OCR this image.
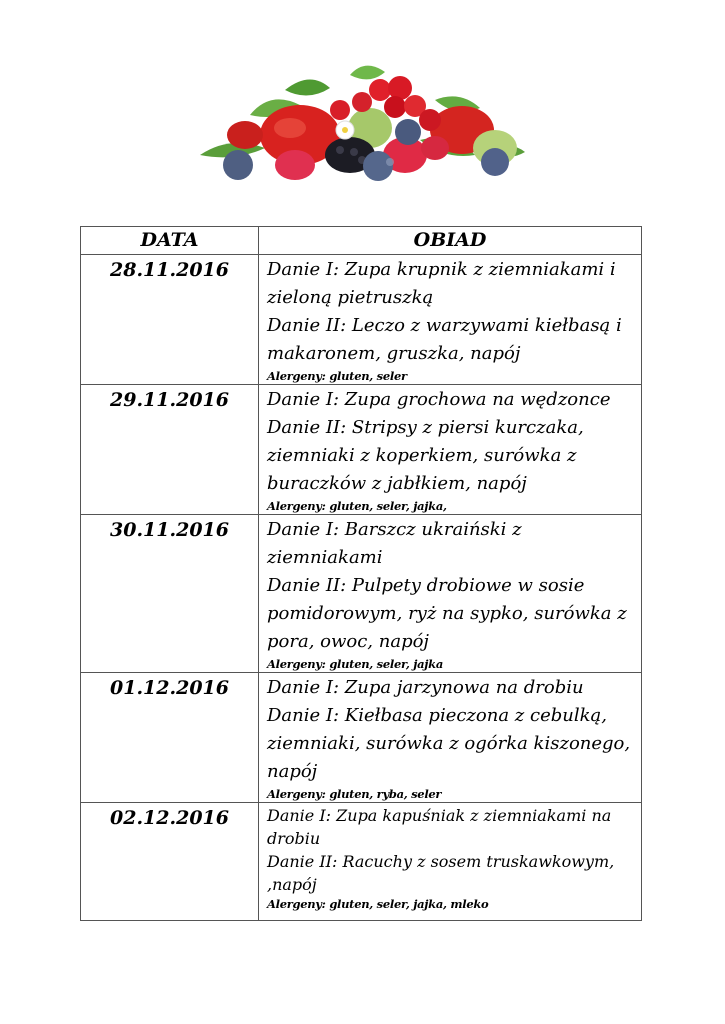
DATA	OBIAD
28.11.2016	Danie I: Zupa krupnik z ziemniakami i zieloną pietruszką
Danie II: Leczo z warzywami kiełbasą i makaronem, gruszka, napój
Alergeny: gluten, seler

29.11.2016	Danie I: Zupa grochowa na wędzonce
Danie II: Stripsy z piersi kurczaka, ziemniaki z koperkiem, surówka z buraczków z jabłkiem, napój
Alergeny: gluten, seler, jajka,

30.11.2016	Danie I: Barszcz ukraiński z ziemniakami
Danie II: Pulpety drobiowe w sosie pomidorowym, ryż na sypko, surówka z pora, owoc, napój
Alergeny: gluten, seler, jajka

01.12.2016	Danie I: Zupa jarzynowa na drobiu
Danie I: Kiełbasa pieczona z cebulką, ziemniaki, surówka z ogórka kiszonego, napój
Alergeny: gluten, ryba, seler

02.12.2016	Danie I: Zupa kapuśniak z ziemniakami na drobiu
Danie II: Racuchy z sosem truskawkowym, ,napój
Alergeny: gluten, seler, jajka, mleko
